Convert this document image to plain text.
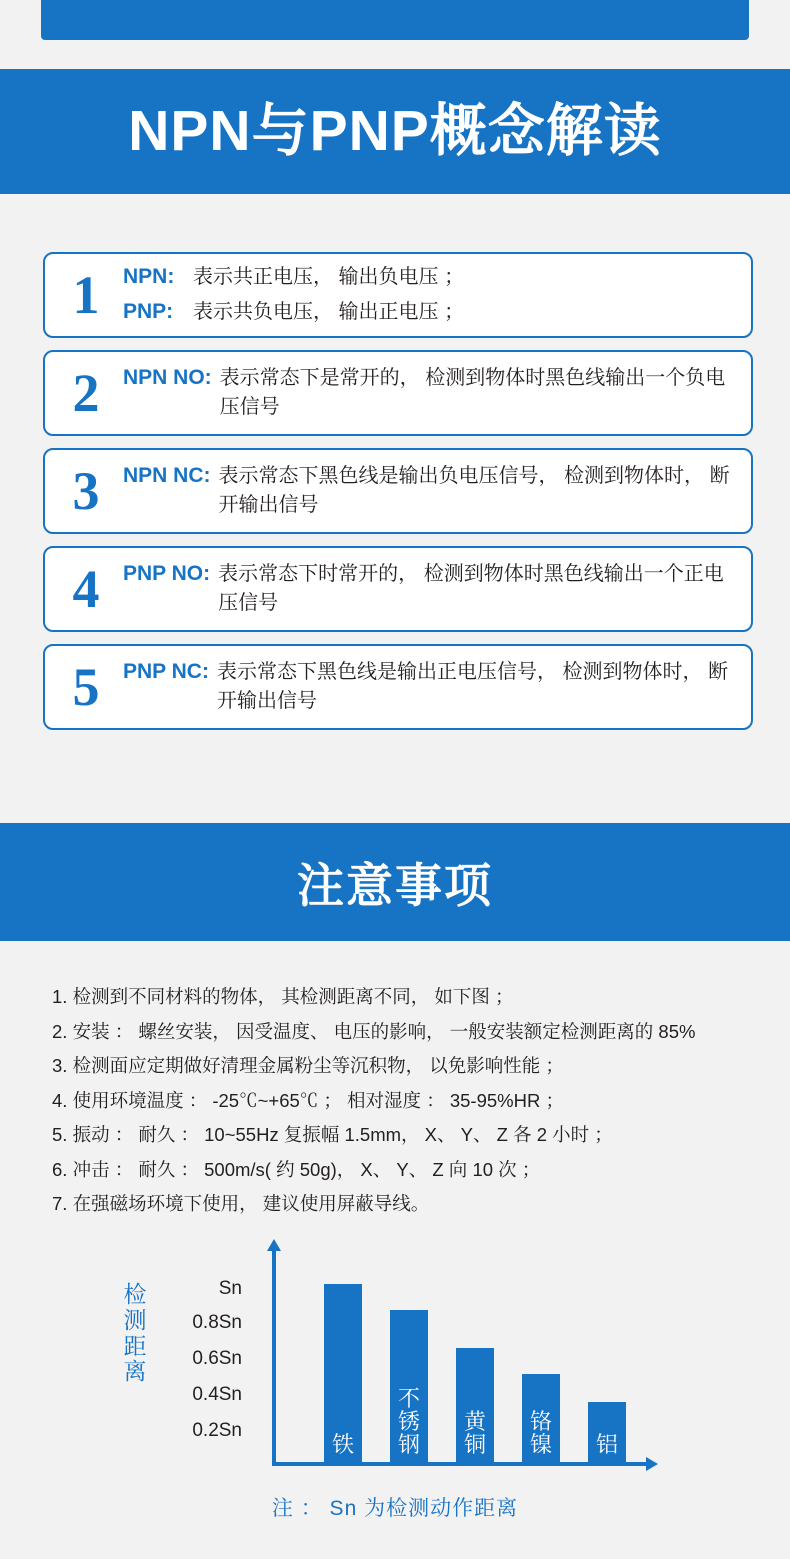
NPN与PNP概念解读
1	NPN: 表示共正电压， 输出负电压 ；
PNP: 表示共负电压， 输出正电压 ；
2	NPN NO: 表示常态下是常开的， 检测到物体时黑色线输出一个负电压信号
3	NPN NC: 表示常态下黑色线是输出负电压信号， 检测到物体时， 断开输出信号
4	PNP NO: 表示常态下时常开的， 检测到物体时黑色线输出一个正电压信号
5	PNP NC: 表示常态下黑色线是输出正电压信号， 检测到物体时， 断开输出信号
注意事项
1. 检测到不同材料的物体， 其检测距离不同， 如下图 ；
2. 安装 ： 螺丝安装， 因受温度、 电压的影响， 一般安装额定检测距离的 85%
3. 检测面应定期做好清理金属粉尘等沉积物， 以免影响性能 ；
4. 使用环境温度 ： -25℃~+65℃ ； 相对湿度 ： 35-95%HR ；
5. 振动 ： 耐久 ： 10~55Hz 复振幅 1.5mm， X、 Y、 Z 各 2 小时 ；
6. 冲击 ： 耐久 ： 500m/s( 约 50g)， X、 Y、 Z 向 10 次 ；
7. 在强磁场环境下使用， 建议使用屏蔽导线。
检测距离
Sn
0.8Sn
0.6Sn
0.4Sn
0.2Sn
铁
不锈钢
黄铜
铬镍	铝
注 ： Sn 为检测动作距离
